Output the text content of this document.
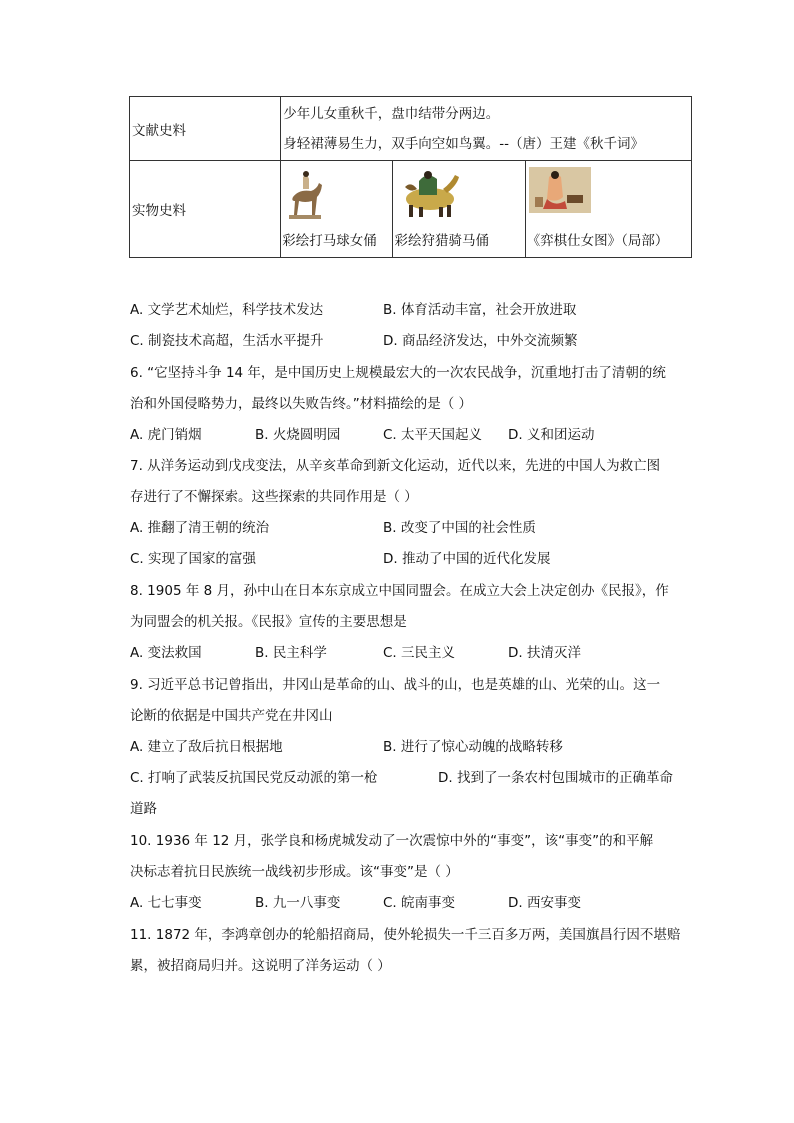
文献史料	少年儿女重秋千，盘巾结带分两边。
身轻裙薄易生力，双手向空如鸟翼。--（唐）王建《秋千词》		

实物史料	彩绘打马球女俑	彩绘狩猎骑马俑	《弈棋仕女图》（局部）
A. 文学艺术灿烂，科学技术发达	B. 体育活动丰富，社会开放进取
C. 制瓷技术高超，生活水平提升	D. 商品经济发达，中外交流频繁
6. “它坚持斗争 14 年，是中国历史上规模最宏大的一次农民战争，沉重地打击了清朝的统
治和外国侵略势力，最终以失败告终。”材料描绘的是（ ）
A. 虎门销烟	B. 火烧圆明园	C. 太平天国起义 D. 义和团运动
7. 从洋务运动到戊戌变法，从辛亥革命到新文化运动，近代以来，先进的中国人为救亡图
存进行了不懈探索。这些探索的共同作用是（ ）
A. 推翻了清王朝的统治	B. 改变了中国的社会性质
C. 实现了国家的富强	D. 推动了中国的近代化发展
8. 1905 年 8 月，孙中山在日本东京成立中国同盟会。在成立大会上决定创办《民报》，作
为同盟会的机关报。《民报》宣传的主要思想是
A. 变法救国	B. 民主科学	C. 三民主义	D. 扶清灭洋
9. 习近平总书记曾指出，井冈山是革命的山、战斗的山，也是英雄的山、光荣的山。这一
论断的依据是中国共产党在井冈山
A. 建立了敌后抗日根据地	B. 进行了惊心动魄的战略转移
C. 打响了武装反抗国民党反动派的第一枪	D. 找到了一条农村包围城市的正确革命
道路
10. 1936 年 12 月，张学良和杨虎城发动了一次震惊中外的“事变”，该“事变”的和平解
决标志着抗日民族统一战线初步形成。该“事变”是（ ）
A. 七七事变	B. 九一八事变	C. 皖南事变	D. 西安事变
11. 1872 年，李鸿章创办的轮船招商局，使外轮损失一千三百多万两，美国旗昌行因不堪赔
累，被招商局归并。这说明了洋务运动（ ）
